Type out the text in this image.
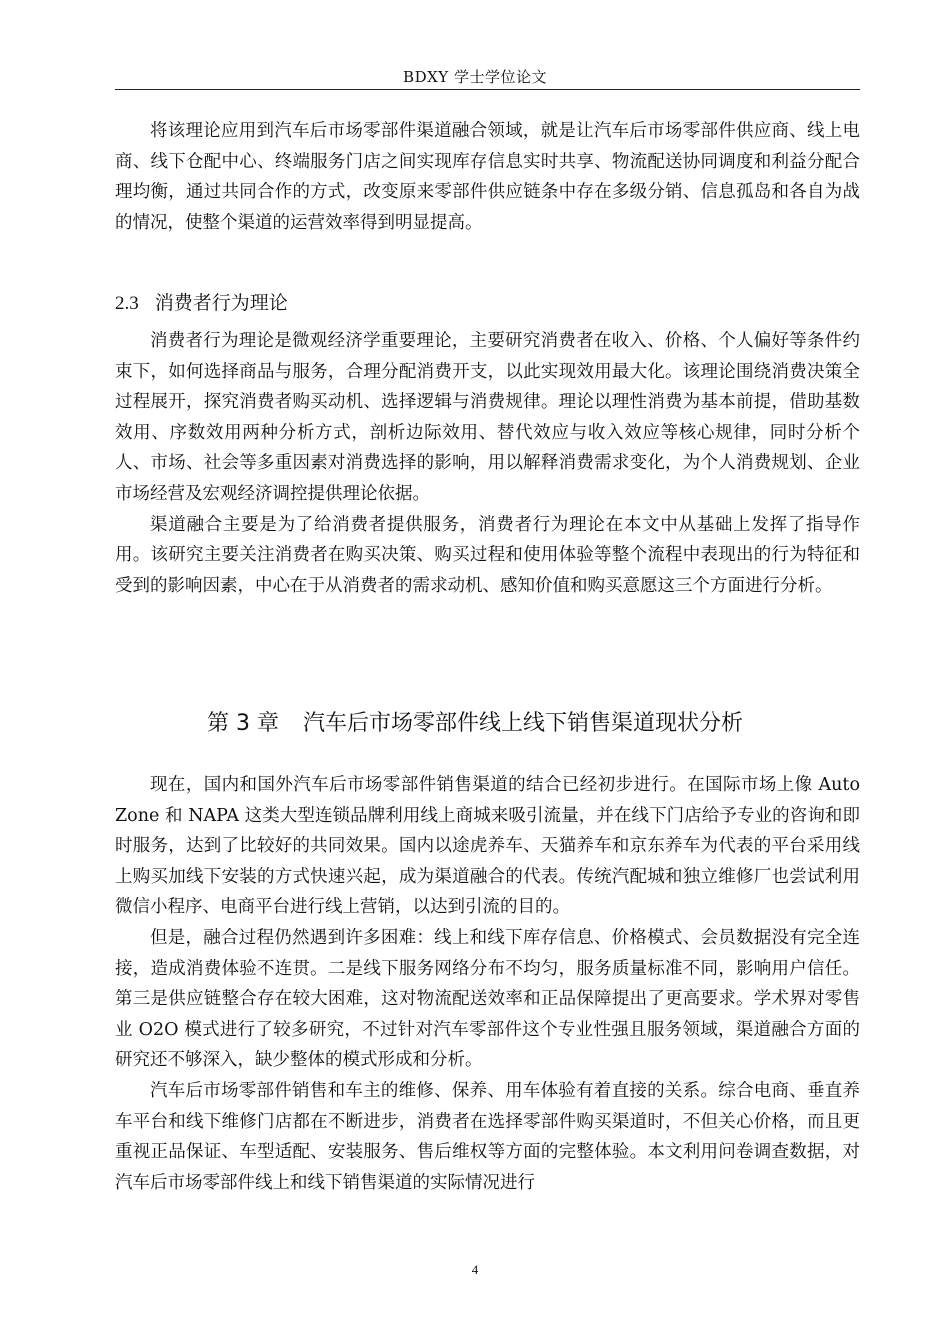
BDXY 学士学位论文

将该理论应用到汽车后市场零部件渠道融合领域，就是让汽车后市场零部件供应商、线上电商、线下仓配中心、终端服务门店之间实现库存信息实时共享、物流配送协同调度和利益分配合理均衡，通过共同合作的方式，改变原来零部件供应链条中存在多级分销、信息孤岛和各自为战的情况，使整个渠道的运营效率得到明显提高。

2.3 消费者行为理论

消费者行为理论是微观经济学重要理论，主要研究消费者在收入、价格、个人偏好等条件约束下，如何选择商品与服务，合理分配消费开支，以此实现效用最大化。该理论围绕消费决策全过程展开，探究消费者购买动机、选择逻辑与消费规律。理论以理性消费为基本前提，借助基数效用、序数效用两种分析方式，剖析边际效用、替代效应与收入效应等核心规律，同时分析个人、市场、社会等多重因素对消费选择的影响，用以解释消费需求变化，为个人消费规划、企业市场经营及宏观经济调控提供理论依据。

渠道融合主要是为了给消费者提供服务，消费者行为理论在本文中从基础上发挥了指导作用。该研究主要关注消费者在购买决策、购买过程和使用体验等整个流程中表现出的行为特征和受到的影响因素，中心在于从消费者的需求动机、感知价值和购买意愿这三个方面进行分析。

第 3 章 汽车后市场零部件线上线下销售渠道现状分析

现在，国内和国外汽车后市场零部件销售渠道的结合已经初步进行。在国际市场上像 Auto Zone 和 NAPA 这类大型连锁品牌利用线上商城来吸引流量，并在线下门店给予专业的咨询和即时服务，达到了比较好的共同效果。国内以途虎养车、天猫养车和京东养车为代表的平台采用线上购买加线下安装的方式快速兴起，成为渠道融合的代表。传统汽配城和独立维修厂也尝试利用微信小程序、电商平台进行线上营销，以达到引流的目的。

但是，融合过程仍然遇到许多困难：线上和线下库存信息、价格模式、会员数据没有完全连接，造成消费体验不连贯。二是线下服务网络分布不均匀，服务质量标准不同，影响用户信任。第三是供应链整合存在较大困难，这对物流配送效率和正品保障提出了更高要求。学术界对零售业 O2O 模式进行了较多研究，不过针对汽车零部件这个专业性强且服务领域，渠道融合方面的研究还不够深入，缺少整体的模式形成和分析。

汽车后市场零部件销售和车主的维修、保养、用车体验有着直接的关系。综合电商、垂直养车平台和线下维修门店都在不断进步，消费者在选择零部件购买渠道时，不但关心价格，而且更重视正品保证、车型适配、安装服务、售后维权等方面的完整体验。本文利用问卷调查数据，对汽车后市场零部件线上和线下销售渠道的实际情况进行

4
